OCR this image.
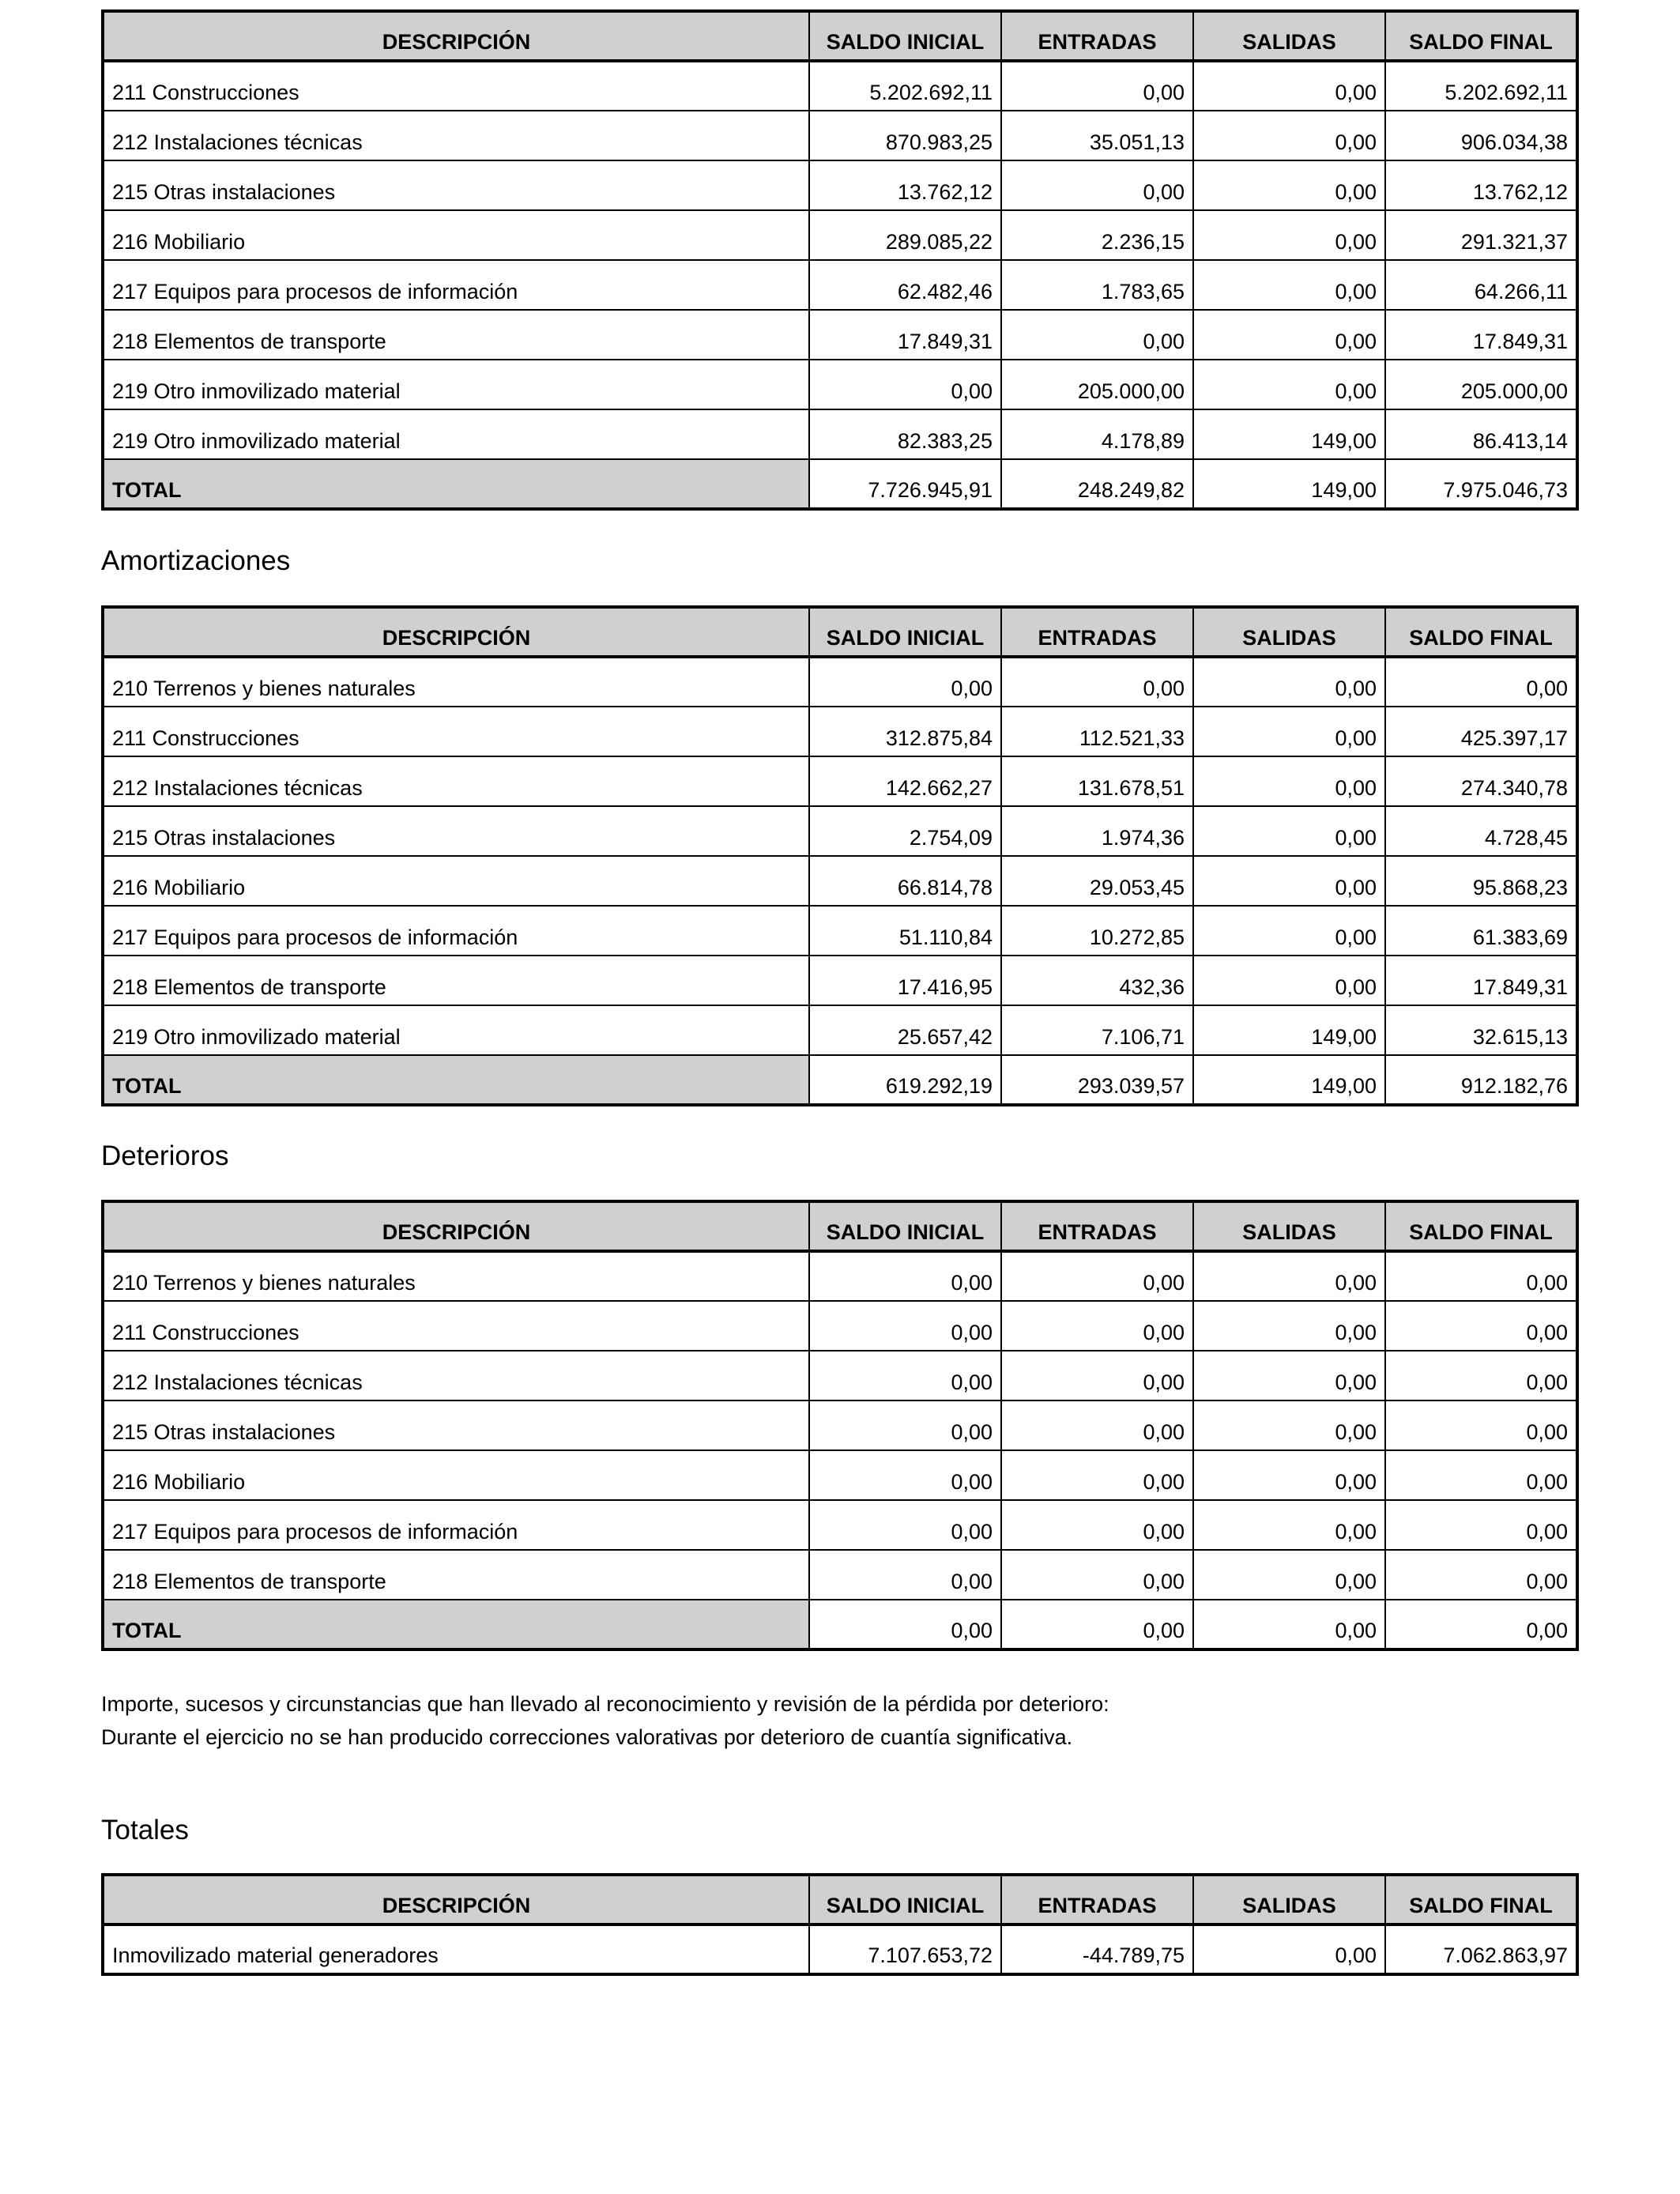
DESCRIPCIÓN	SALDO INICIAL	ENTRADAS	SALIDAS	SALDO FINAL
211 Construcciones	5.202.692,11	0,00	0,00	5.202.692,11
212 Instalaciones técnicas	870.983,25	35.051,13	0,00	906.034,38
215 Otras instalaciones	13.762,12	0,00	0,00	13.762,12
216 Mobiliario	289.085,22	2.236,15	0,00	291.321,37
217 Equipos para procesos de información	62.482,46	1.783,65	0,00	64.266,11
218 Elementos de transporte	17.849,31	0,00	0,00	17.849,31
219 Otro inmovilizado material	0,00	205.000,00	0,00	205.000,00
219 Otro inmovilizado material	82.383,25	4.178,89	149,00	86.413,14
TOTAL	7.726.945,91	248.249,82	149,00	7.975.046,73
Amortizaciones
DESCRIPCIÓN	SALDO INICIAL	ENTRADAS	SALIDAS	SALDO FINAL
210 Terrenos y bienes naturales	0,00	0,00	0,00	0,00
211 Construcciones	312.875,84	112.521,33	0,00	425.397,17
212 Instalaciones técnicas	142.662,27	131.678,51	0,00	274.340,78
215 Otras instalaciones	2.754,09	1.974,36	0,00	4.728,45
216 Mobiliario	66.814,78	29.053,45	0,00	95.868,23
217 Equipos para procesos de información	51.110,84	10.272,85	0,00	61.383,69
218 Elementos de transporte	17.416,95	432,36	0,00	17.849,31
219 Otro inmovilizado material	25.657,42	7.106,71	149,00	32.615,13
TOTAL	619.292,19	293.039,57	149,00	912.182,76
Deterioros
DESCRIPCIÓN	SALDO INICIAL	ENTRADAS	SALIDAS	SALDO FINAL
210 Terrenos y bienes naturales	0,00	0,00	0,00	0,00
211 Construcciones	0,00	0,00	0,00	0,00
212 Instalaciones técnicas	0,00	0,00	0,00	0,00
215 Otras instalaciones	0,00	0,00	0,00	0,00
216 Mobiliario	0,00	0,00	0,00	0,00
217 Equipos para procesos de información	0,00	0,00	0,00	0,00
218 Elementos de transporte	0,00	0,00	0,00	0,00
TOTAL	0,00	0,00	0,00	0,00

Importe, sucesos y circunstancias que han llevado al reconocimiento y revisión de la pérdida por deterioro:

Durante el ejercicio no se han producido correcciones valorativas por deterioro de cuantía significativa.

Totales
DESCRIPCIÓN	SALDO INICIAL	ENTRADAS	SALIDAS	SALDO FINAL
Inmovilizado material generadores	7.107.653,72	-44.789,75	0,00	7.062.863,97
